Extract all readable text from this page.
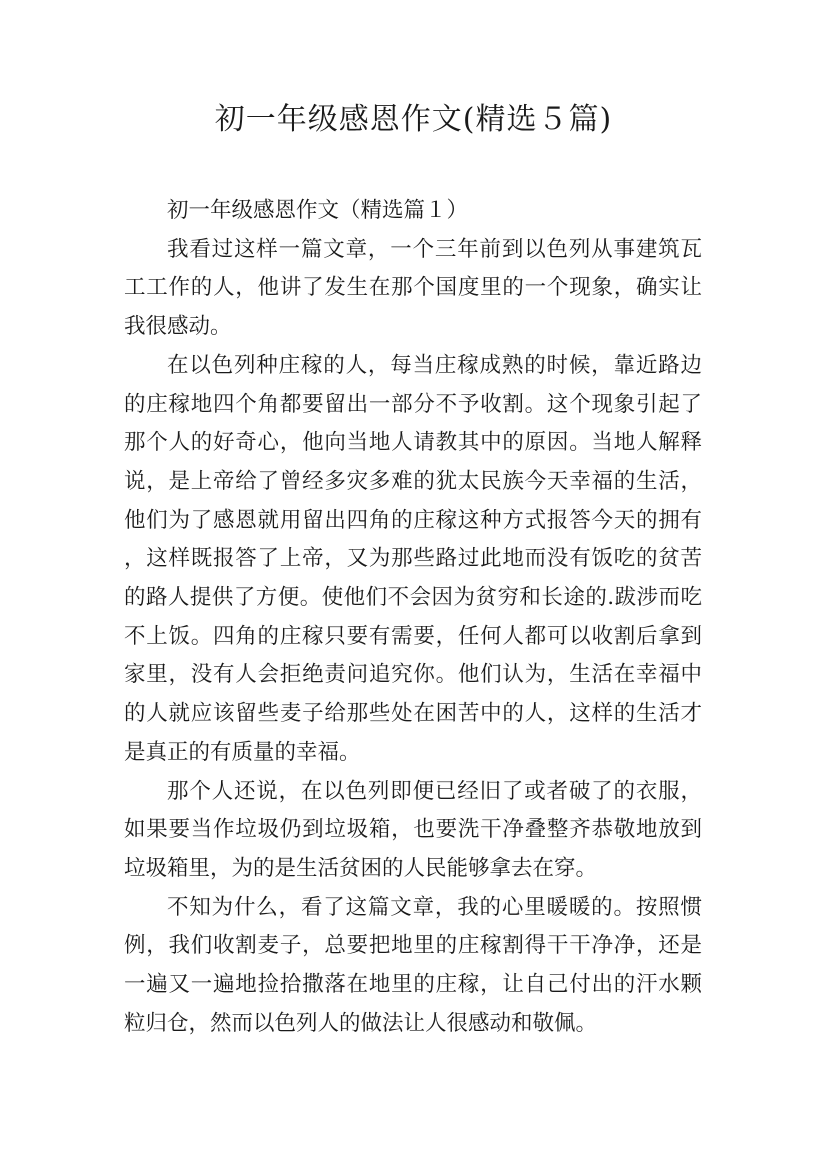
初一年级感恩作文(精选５篇)

初一年级感恩作文（精选篇１）

我看过这样一篇文章，一个三年前到以色列从事建筑瓦工工作的人，他讲了发生在那个国度里的一个现象，确实让我很感动。

在以色列种庄稼的人，每当庄稼成熟的时候，靠近路边的庄稼地四个角都要留出一部分不予收割。这个现象引起了那个人的好奇心，他向当地人请教其中的原因。当地人解释说，是上帝给了曾经多灾多难的犹太民族今天幸福的生活，他们为了感恩就用留出四角的庄稼这种方式报答今天的拥有，这样既报答了上帝，又为那些路过此地而没有饭吃的贫苦的路人提供了方便。使他们不会因为贫穷和长途的.跋涉而吃不上饭。四角的庄稼只要有需要，任何人都可以收割后拿到家里，没有人会拒绝责问追究你。他们认为，生活在幸福中的人就应该留些麦子给那些处在困苦中的人，这样的生活才是真正的有质量的幸福。

那个人还说，在以色列即便已经旧了或者破了的衣服，如果要当作垃圾仍到垃圾箱，也要洗干净叠整齐恭敬地放到垃圾箱里，为的是生活贫困的人民能够拿去在穿。

不知为什么，看了这篇文章，我的心里暖暖的。按照惯例，我们收割麦子，总要把地里的庄稼割得干干净净，还是一遍又一遍地捡拾撒落在地里的庄稼，让自己付出的汗水颗粒归仓，然而以色列人的做法让人很感动和敬佩。
